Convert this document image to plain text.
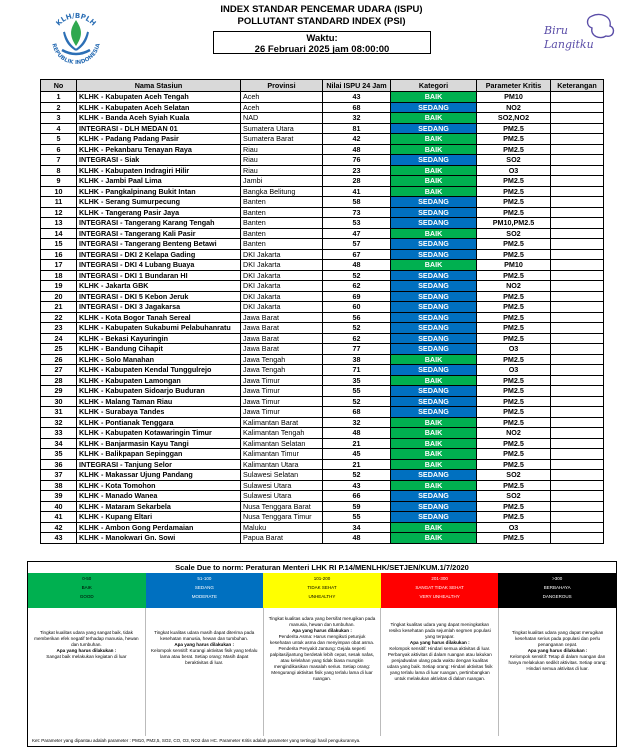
KLH/BPLH
REPUBLIK INDONESIA
INDEX STANDAR PENCEMAR UDARA (ISPU)
POLLUTANT STANDARD INDEX (PSI)
Waktu:
26 Februari 2025 jam 08:00:00
Biru
Langitku
No	Nama Stasiun	Provinsi	Nilai ISPU 24 Jam	Kategori	Parameter Kritis	Keterangan
1	KLHK - Kabupaten Aceh Tengah	Aceh	43	BAIK	PM10	
2	KLHK - Kabupaten Aceh Selatan	Aceh	68	SEDANG	NO2	
3	KLHK - Banda Aceh Syiah Kuala	NAD	32	BAIK	SO2,NO2	
4	INTEGRASI - DLH MEDAN 01	Sumatera Utara	81	SEDANG	PM2.5	
5	KLHK - Padang Padang Pasir	Sumatera Barat	42	BAIK	PM2.5	
6	KLHK - Pekanbaru Tenayan Raya	Riau	48	BAIK	PM2.5	
7	INTEGRASI - Siak	Riau	76	SEDANG	SO2	
8	KLHK - Kabupaten Indragiri Hilir	Riau	23	BAIK	O3	
9	KLHK - Jambi Paal Lima	Jambi	28	BAIK	PM2.5	
10	KLHK - Pangkalpinang Bukit Intan	Bangka Belitung	41	BAIK	PM2.5	
11	KLHK - Serang Sumurpecung	Banten	58	SEDANG	PM2.5	
12	KLHK - Tangerang Pasir Jaya	Banten	73	SEDANG	PM2.5	
13	INTEGRASI - Tangerang Karang Tengah	Banten	53	SEDANG	PM10,PM2.5	
14	INTEGRASI - Tangerang Kali Pasir	Banten	47	BAIK	SO2	
15	INTEGRASI - Tangerang Benteng Betawi	Banten	57	SEDANG	PM2.5	
16	INTEGRASI - DKI 2 Kelapa Gading	DKI Jakarta	67	SEDANG	PM2.5	
17	INTEGRASI - DKI 4 Lubang Buaya	DKI Jakarta	48	BAIK	PM10	
18	INTEGRASI - DKI 1 Bundaran HI	DKI Jakarta	52	SEDANG	PM2.5	
19	KLHK - Jakarta GBK	DKI Jakarta	62	SEDANG	NO2	
20	INTEGRASI - DKI 5 Kebon Jeruk	DKI Jakarta	69	SEDANG	PM2.5	
21	INTEGRASI - DKI 3 Jagakarsa	DKI Jakarta	60	SEDANG	PM2.5	
22	KLHK - Kota Bogor Tanah Sereal	Jawa Barat	56	SEDANG	PM2.5	
23	KLHK - Kabupaten Sukabumi Pelabuhanratu	Jawa Barat	52	SEDANG	PM2.5	
24	KLHK - Bekasi Kayuringin	Jawa Barat	62	SEDANG	PM2.5	
25	KLHK - Bandung Cihapit	Jawa Barat	77	SEDANG	O3	
26	KLHK - Solo Manahan	Jawa Tengah	38	BAIK	PM2.5	
27	KLHK - Kabupaten Kendal Tunggulrejo	Jawa Tengah	71	SEDANG	O3	
28	KLHK - Kabupaten Lamongan	Jawa Timur	35	BAIK	PM2.5	
29	KLHK - Kabupaten Sidoarjo Buduran	Jawa Timur	55	SEDANG	PM2.5	
30	KLHK - Malang Taman Riau	Jawa Timur	52	SEDANG	PM2.5	
31	KLHK - Surabaya Tandes	Jawa Timur	68	SEDANG	PM2.5	
32	KLHK - Pontianak Tenggara	Kalimantan Barat	32	BAIK	PM2.5	
33	KLHK - Kabupaten Kotawaringin Timur	Kalimantan Tengah	48	BAIK	NO2	
34	KLHK - Banjarmasin Kayu Tangi	Kalimantan Selatan	21	BAIK	PM2.5	
35	KLHK - Balikpapan Sepinggan	Kalimantan Timur	45	BAIK	PM2.5	
36	INTEGRASI - Tanjung Selor	Kalimantan Utara	21	BAIK	PM2.5	
37	KLHK - Makassar Ujung Pandang	Sulawesi Selatan	52	SEDANG	SO2	
38	KLHK - Kota Tomohon	Sulawesi Utara	43	BAIK	PM2.5	
39	KLHK - Manado Wanea	Sulawesi Utara	66	SEDANG	SO2	
40	KLHK - Mataram Sekarbela	Nusa Tenggara Barat	59	SEDANG	PM2.5	
41	KLHK - Kupang Eltari	Nusa Tenggara Timur	55	SEDANG	PM2.5	
42	KLHK - Ambon Gong Perdamaian	Maluku	34	BAIK	O3	
43	KLHK - Manokwari Gn. Sowi	Papua Barat	48	BAIK	PM2.5	
Scale Due to norm: Peraturan Menteri LHK RI P.14/MENLHK/SETJEN/KUM.1/7/2020
0-50
BAIK
GOOD
51-100
SEDANG
MODERATE
101-200
TIDAK SEHAT
UNHEALTHY
201-300
SANGAT TIDAK SEHAT
VERY UNHEALTHY
>300
BERBAHAYA
DANGEROUS
Tingkat kualitas udara yang sangat baik, tidak memberikan efek negatif terhadap manusia, hewan dan tumbuhan.
Apa yang harus dilakukan :
Sangat baik melakukan kegiatan di luar
Tingkat kualitas udara masih dapat diterima pada kesehatan manusia, hewan dan tumbuhan.
Apa yang harus dilakukan :
Kelompok sensitif: Kurangi aktivitas fisik yang terlalu lama atau berat. Setiap orang: Masih dapat beraktivitas di luar.
Tingkat kualitas udara yang bersifat merugikan pada manusia, hewan dan tumbuhan.
Apa yang harus dilakukan :
Penderita Asma: Harus mengikuti petunjuk kesehatan untuk asma dan menyimpan obat asma. Penderita Penyakit Jantung: Gejala seperti palpitasi/jantung berdetak lebih cepat, sesak nafas, atau kelelahan yang tidak biasa mungkin mengindikasikan masalah serius. Setiap orang: Mengurangi aktivitas fisik yang terlalu lama di luar ruangan.
Tingkat kualitas udara yang dapat meningkatkan resiko kesehatan pada sejumlah segmen populasi yang terpapar.
Apa yang harus dilakukan :
Kelompok sensitif: Hindari semua aktivitas di luar. Perbanyak aktivitas di dalam ruangan atau lakukan penjadwalan ulang pada waktu dengan kualitas udara yang baik. Setiap orang: Hindari aktivitas fisik yang terlalu lama di luar ruangan, pertimbangkan untuk melakukan aktivitas di dalam ruangan.
Tingkat kualitas udara yang dapat merugikan kesehatan serius pada populasi dan perlu penanganan cepat.
Apa yang harus dilakukan :
Kelompok sensitif: Tetap di dalam ruangan dan hanya melakukan sedikit aktivitas. Setiap orang: Hindari semua aktivitas di luar.
Ket: Parameter yang dipantau adalah parameter : PM10, PM2,5, SO2, CO, O3, NO2 dan HC. Parameter Kritis adalah parameter yang tertinggi hasil pengukurannya.
